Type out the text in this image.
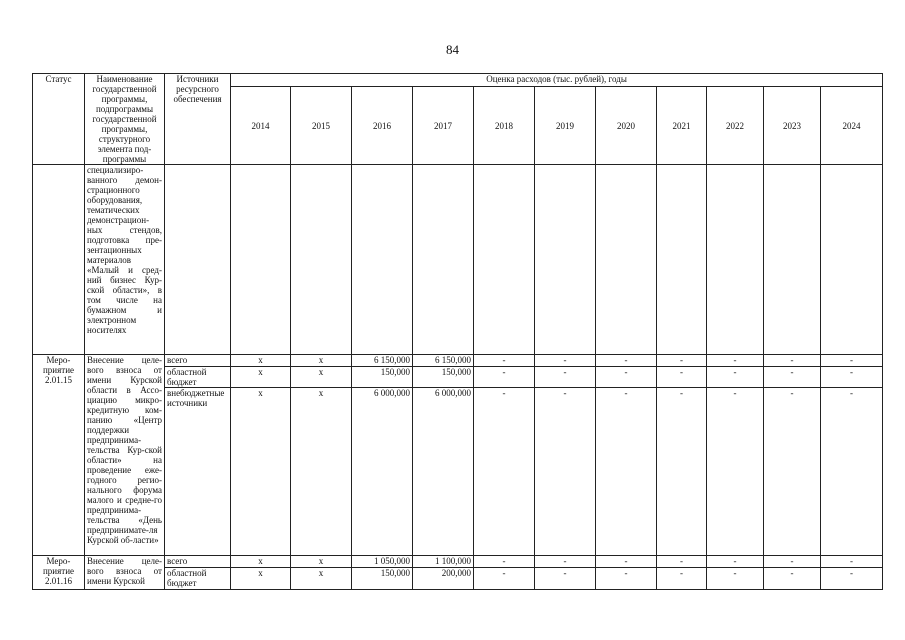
84
Статус	Наименование государственной программы, подпрограммы государственной программы, структурного элемента под-программы	Источники ресурсного обеспечения	Оценка расходов (тыс. рублей), годы										
			2014	2015	2016	2017	2018	2019	2020	2021	2022	2023	2024
	специализиро-ванного демон-страционного оборудования, тематических демонстрацион-ных стендов, подготовка пре-зентационных материалов «Малый и сред-ний бизнес Кур-ской области», в том числе на бумажном и электронном носителях												
Меро-приятие 2.01.15	Внесение целе-вого взноса от имени Курской области в Ассо-циацию микро-кредитную ком-панию «Центр поддержки предпринима-тельства Кур-ской области» на проведение еже-годного регио-нального форума малого и средне-го предпринима-тельства «День предпринимате-ля Курской об-ласти»	всего	x	x	6 150,000	6 150,000	-	-	-	-	-	-	-
		областной бюджет	x	x	150,000	150,000	-	-	-	-	-	-	-
		внебюджетные источники	x	x	6 000,000	6 000,000	-	-	-	-	-	-	-
Меро-приятие 2.01.16	Внесение целе-вого взноса от имени Курской	всего	x	x	1 050,000	1 100,000	-	-	-	-	-	-	-
		областной бюджет	x	x	150,000	200,000	-	-	-	-	-	-	-
